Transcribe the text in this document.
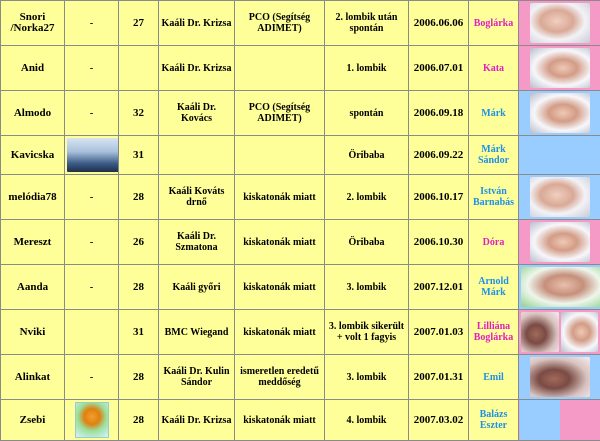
Snori /Norka27	-	27	Kaáli Dr. Krizsa	PCO (Segítség ADIMET)	2. lombik után spontán	2006.06.06	Boglárka	

Anid	-		Kaáli Dr. Krizsa		1. lombik	2006.07.01	Kata	

Almodo	-	32	Kaáli Dr. Kovács	PCO (Segítség ADIMET)	spontán	2006.09.18	Márk	

Kavicska		31			Öribaba	2006.09.22	Márk Sándor	
melódia78	-	28	Kaáli Kováts drnő	kiskatonák miatt	2. lombik	2006.10.17	István Barnabás	

Mereszt	-	26	Kaáli Dr. Szmatona	kiskatonák miatt	Öribaba	2006.10.30	Dóra	

Aanda	-	28	Kaáli győri	kiskatonák miatt	3. lombik	2007.12.01	Arnold Márk	

Nviki		31	BMC Wiegand	kiskatonák miatt	3. lombik sikerült + volt 1 fagyis	2007.01.03	Lilliána Boglárka	

Alinkat	-	28	Kaáli Dr. Kulin Sándor	ismeretlen eredetű meddőség	3. lombik	2007.01.31	Emil	

Zsebi		28	Kaáli Dr. Krizsa	kiskatonák miatt	4. lombik	2007.03.02	Balázs Eszter	
